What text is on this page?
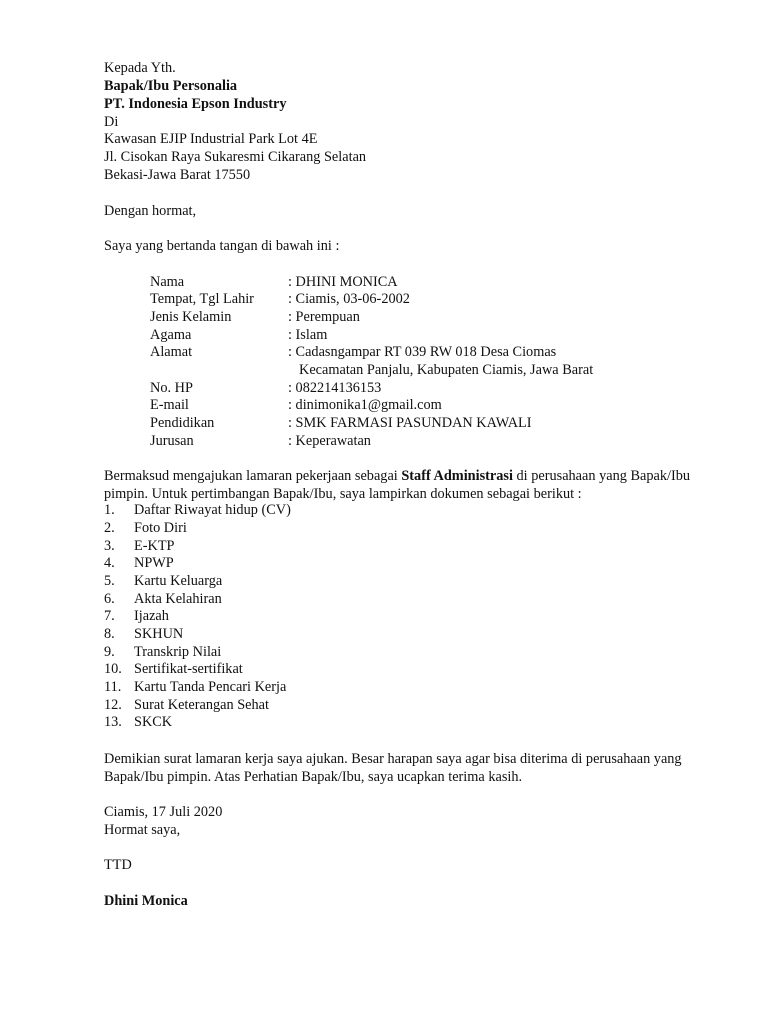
Kepada Yth.
Bapak/Ibu Personalia
PT. Indonesia Epson Industry
Di
Kawasan EJIP Industrial Park Lot 4E
Jl. Cisokan Raya Sukaresmi Cikarang Selatan
Bekasi-Jawa Barat 17550
Dengan hormat,
Saya yang bertanda tangan di bawah ini :
Nama	: DHINI MONICA
Tempat, Tgl Lahir : Ciamis, 03-06-2002
Jenis Kelamin	: Perempuan
Agama	: Islam
Alamat	: Cadasngampar RT 039 RW 018 Desa Ciomas
Kecamatan Panjalu, Kabupaten Ciamis, Jawa Barat
No. HP	: 082214136153
E-mail	: dinimonika1@gmail.com
Pendidikan	: SMK FARMASI PASUNDAN KAWALI
Jurusan	: Keperawatan
Bermaksud mengajukan lamaran pekerjaan sebagai Staff Administrasi di perusahaan yang Bapak/Ibu
pimpin. Untuk pertimbangan Bapak/Ibu, saya lampirkan dokumen sebagai berikut :
1. Daftar Riwayat hidup (CV)
2. Foto Diri
3. E-KTP
4. NPWP
5. Kartu Keluarga
6. Akta Kelahiran
7. Ijazah
8. SKHUN
9. Transkrip Nilai
10. Sertifikat-sertifikat
11. Kartu Tanda Pencari Kerja
12. Surat Keterangan Sehat
13. SKCK
Demikian surat lamaran kerja saya ajukan. Besar harapan saya agar bisa diterima di perusahaan yang
Bapak/Ibu pimpin. Atas Perhatian Bapak/Ibu, saya ucapkan terima kasih.
Ciamis, 17 Juli 2020
Hormat saya,
TTD
Dhini Monica
